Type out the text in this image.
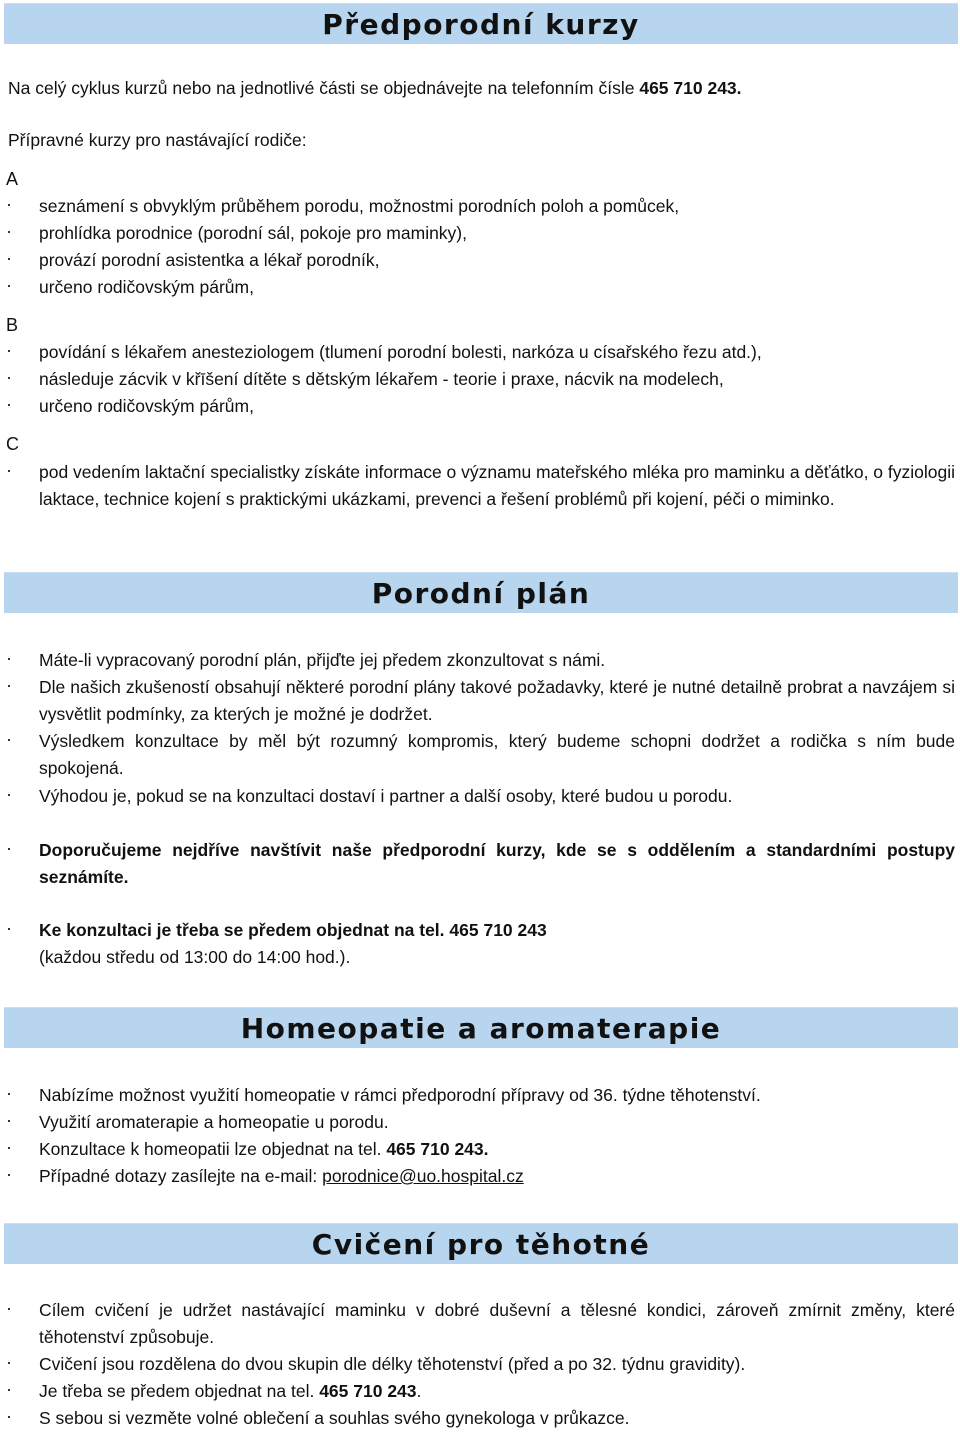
Předporodní kurzy

Na celý cyklus kurzů nebo na jednotlivé části se objednávejte na telefonním čísle 465 710 243.

Přípravné kurzy pro nastávající rodiče:

A

·	seznámení s obvyklým průběhem porodu, možnostmi porodních poloh a pomůcek,
·	prohlídka porodnice (porodní sál, pokoje pro maminky),
·	provází porodní asistentka a lékař porodník,
·	určeno rodičovským párům,

B

·	povídání s lékařem anesteziologem (tlumení porodní bolesti, narkóza u císařského řezu atd.),
·	následuje zácvik v křīšení dítěte s dětským lékařem - teorie i praxe, nácvik na modelech,
·	určeno rodičovským párům,

C

·	pod vedením laktační specialistky získáte informace o významu mateřského mléka pro maminku a děťátko, o fyziologii laktace, technice kojení s praktickými ukázkami, prevenci a řešení problémů při kojení, péči o miminko.
Porodní plán
·	Máte-li vypracovaný porodní plán, přijďte jej předem zkonzultovat s námi.
·	Dle našich zkušeností obsahují některé porodní plány takové požadavky, které je nutné detailně probrat a navzájem si vysvětlit podmínky, za kterých je možné je dodržet.
·	Výsledkem konzultace by měl být rozumný kompromis, který budeme schopni dodržet a rodička s ním bude spokojená.
·	Výhodou je, pokud se na konzultaci dostaví i partner a další osoby, které budou u porodu.
·	Doporučujeme nejdříve navštívit naše předporodní kurzy, kde se s oddělením a standardními postupy seznámíte.
·	Ke konzultaci je třeba se předem objednat na tel. 465 710 243
(každou středu od 13:00 do 14:00 hod.).
Homeopatie a aromaterapie
·	Nabízíme možnost využití homeopatie v rámci předporodní přípravy od 36. týdne těhotenství.
·	Využití aromaterapie a homeopatie u porodu.
·	Konzultace k homeopatii lze objednat na tel. 465 710 243.
·	Případné dotazy zasílejte na e-mail: porodnice@uo.hospital.cz
Cvičení pro těhotné
·	Cílem cvičení je udržet nastávající maminku v dobré duševní a tělesné kondici, zároveň zmírnit změny, které těhotenství způsobuje.
·	Cvičení jsou rozdělena do dvou skupin dle délky těhotenství (před a po 32. týdnu gravidity).
·	Je třeba se předem objednat na tel. 465 710 243.
·	S sebou si vezměte volné oblečení a souhlas svého gynekologa v průkazce.
